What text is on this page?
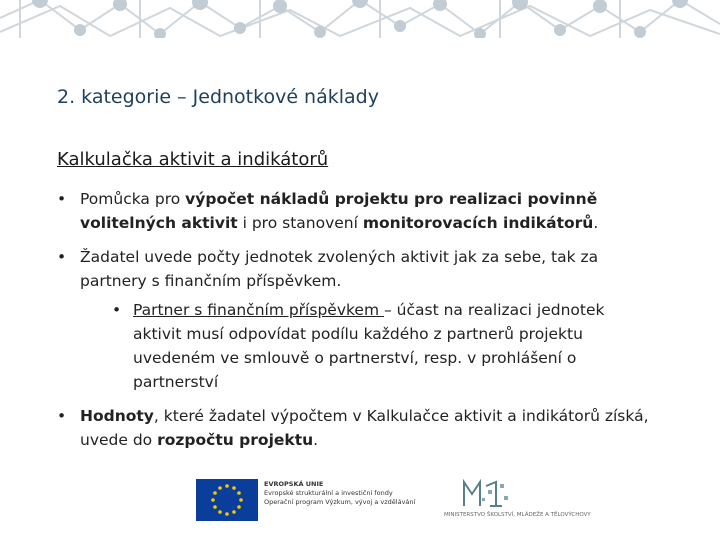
2. kategorie – Jednotkové náklady
Kalkulačka aktivit a indikátorů
• Pomůcka pro výpočet nákladů projektu pro realizaci povinně volitelných aktivit i pro stanovení monitorovacích indikátorů.
• Žadatel uvede počty jednotek zvolených aktivit jak za sebe, tak za partnery s finančním příspěvkem.
• Partner s finančním příspěvkem – účast na realizaci jednotek aktivit musí odpovídat podílu každého z partnerů projektu uvedeném ve smlouvě o partnerství, resp. v prohlášení o partnerství
• Hodnoty, které žadatel výpočtem v Kalkulačce aktivit a indikátorů získá, uvede do rozpočtu projektu.
EVROPSKÁ UNIE
Evropské strukturální a investiční fondy
Operační program Výzkum, vývoj a vzdělávání
MINISTERSTVO ŠKOLSTVÍ, MLÁDEŽE A TĚLOVÝCHOVY
